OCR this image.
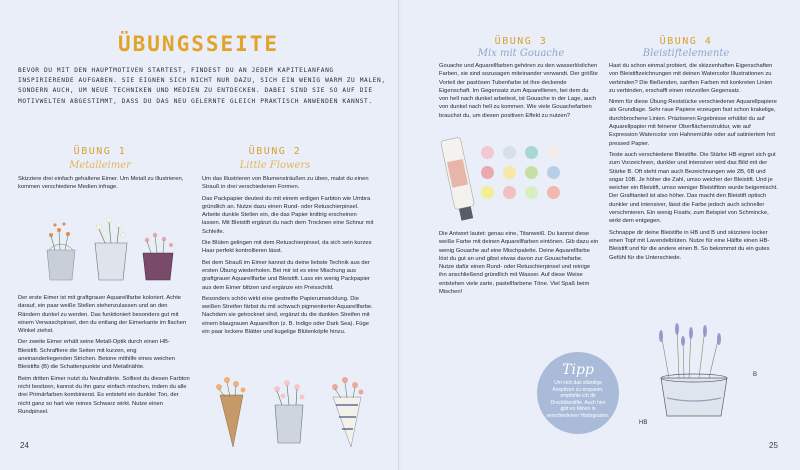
ÜBUNGSSEITE
BEVOR DU MIT DEN HAUPTMOTIVEN STARTEST, FINDEST DU AN JEDEM KAPITELANFANG INSPIRIERENDE AUFGABEN. SIE EIGNEN SICH NICHT NUR DAZU, SICH EIN WENIG WARM ZU MALEN, SONDERN AUCH, UM NEUE TECHNIKEN UND MEDIEN ZU ENTDECKEN. DABEI SIND SIE SO AUF DIE MOTIVWELTEN ABGESTIMMT, DASS DU DAS NEU GELERNTE GLEICH PRAKTISCH ANWENDEN KANNST.
ÜBUNG 1
Metalleimer

Skizziere drei einfach gehaltene Eimer. Um Metall zu illustrieren, kommen verschiedene Medien infrage.

Der erste Eimer ist mit graftgrauer Aquarellfarbe koloriert. Achte darauf, ein paar weiße Stellen stehenzulassen und an den Rändern dunkel zu werden. Das funktioniert besonders gut mit einem Verwaschpinsel, den du entlang der Eimerkante im flachen Winkel ziehst.

Der zweite Eimer erhält seine Metall-Optik durch einen HB-Bleistift. Schraffiere die Seiten mit kurzen, eng aneinanderliegenden Strichen. Betone mithilfe eines weichen Bleistifts (B) die Schattenpunkte und Metallnähte.

Beim dritten Eimer nutzt du Neutraltinte. Solltest du diesen Farbton nicht besitzen, kannst du ihn ganz einfach mischen, indem du alle drei Primärfarben kombinierst. Es entsteht ein dunkler Ton, der nicht ganz so hart wie reines Schwarz wirkt. Nutze einen Rundpinsel.

ÜBUNG 2
Little Flowers

Um das Illustrieren von Blumensträußen zu üben, malst du einen Strauß in drei verschiedenen Formen.

Das Packpapier deutest du mit einem erdigen Farbton wie Umbra gründlich an. Nutze dazu einen Rund- oder Retuschierpinsel. Arbeite dunkle Stellen ein, die das Papier knittrig erscheinen lassen. Mit Bleistift ergänzt du nach dem Trocknen eine Schnur mit Schleife.

Die Blüten gelingen mit dem Retuschierpinsel, da sich sein kurzes Haar perfekt kontrollieren lässt.

Bei dem Strauß im Eimer kannst du deine liebste Technik aus der ersten Übung wiederholen. Bei mir ist es eine Mischung aus graftgrauer Aquarellfarbe und Bleistift. Lass ein wenig Packpapier aus dem Eimer blitzen und ergänze ein Preisschild.

Besonders schön wirkt eine gestreifte Papierumwicklung. Die weißen Streifen färbst du mit schwach pigmentierter Aquarellfarbe. Nachdem sie getrocknet sind, ergänzt du die dunklen Streifen mit einem blaugrauen Aquarellton (z. B. Indigo oder Dark Sea). Füge ein paar lockere Blätter und kugelige Blütenköpfe hinzu.

24
ÜBUNG 3
Mix mit Gouache

Gouache und Aquarellfarben gehören zu den wasserlöslichen Farben, sie sind sozusagen miteinander verwandt. Der größte Vorteil der pastösen Tubenfarbe ist ihre deckende Eigenschaft. Im Gegensatz zum Aquarellieren, bei dem du von hell nach dunkel arbeitest, ist Gouache in der Lage, auch von dunkel nach hell zu kommen. Wie viele Gouachefarben brauchst du, um diesen positiven Effekt zu nutzen?

Die Antwort lautet: genau eine, Titanweiß. Du kannst diese weiße Farbe mit deinen Aquarellfarben eintönen. Gib dazu ein wenig Gouache auf eine Mischpalette. Deine Aquarellfarbe löst du gut an und gibst etwas davon zur Gouachefarbe. Nutze dafür einen Rund- oder Retuschierpinsel und reinige ihn anschließend gründlich mit Wasser. Auf diese Weise entstehen viele zarte, pastellfarbene Töne. Viel Spaß beim Mischen!

ÜBUNG 4
Bleistiftelemente

Hast du schon einmal probiert, die skizzenhaften Eigenschaften von Bleistiftzeichnungen mit deinen Watercolor Illustrationen zu verbinden? Die fließenden, sanften Farben mit konkreten Linien zu verbinden, erschafft einen reizvollen Gegensatz.

Nimm für diese Übung Reststücke verschiedener Aquarellpapiere als Grundlage. Sehr raue Papiere erzeugen fast schon krakelige, durchbrochene Linien. Präziseren Ergebnisse erhältst du auf Aquarellpapier mit feinerer Oberflächenstruktur, wie auf Expression Watercolor von Hahnemühle oder auf satiniertem hot pressed Papier.

Teste auch verschiedene Bleistifte. Die Stärke HB eignet sich gut zum Vorzeichnen, dunkler und intensiver wird das Bild mit der Stärke B. Oft steht man auch Bezeichnungen wie 2B, 6B und sogar 10B. Je höher die Zahl, umso weicher der Bleistift. Und je weicher ein Bleistift, umso weniger Bleistiftton wurde beigemischt. Der Grafitanteil ist also höher. Das macht den Bleistift optisch dunkler und intensiver, lässt die Farbe jedoch auch schneller verschmieren. Ein wenig Fixativ, zum Beispiel von Schmincke, wirkt dem entgegen.

Schnappe dir deine Bleistifte in HB und B und skizziere locker einen Topf mit Lavendelblüten. Nutze für eine Hälfte einen HB-Bleistift und für die andere einen B. So bekommst du ein gutes Gefühl für die Unterschiede.

HB
B
25
Tipp
Um sich das ständige Anspitzen zu ersparen, empfehle ich dir Druckbleistifte. Auch hier gibt es Minen in verschiedenen Härtegraden.
